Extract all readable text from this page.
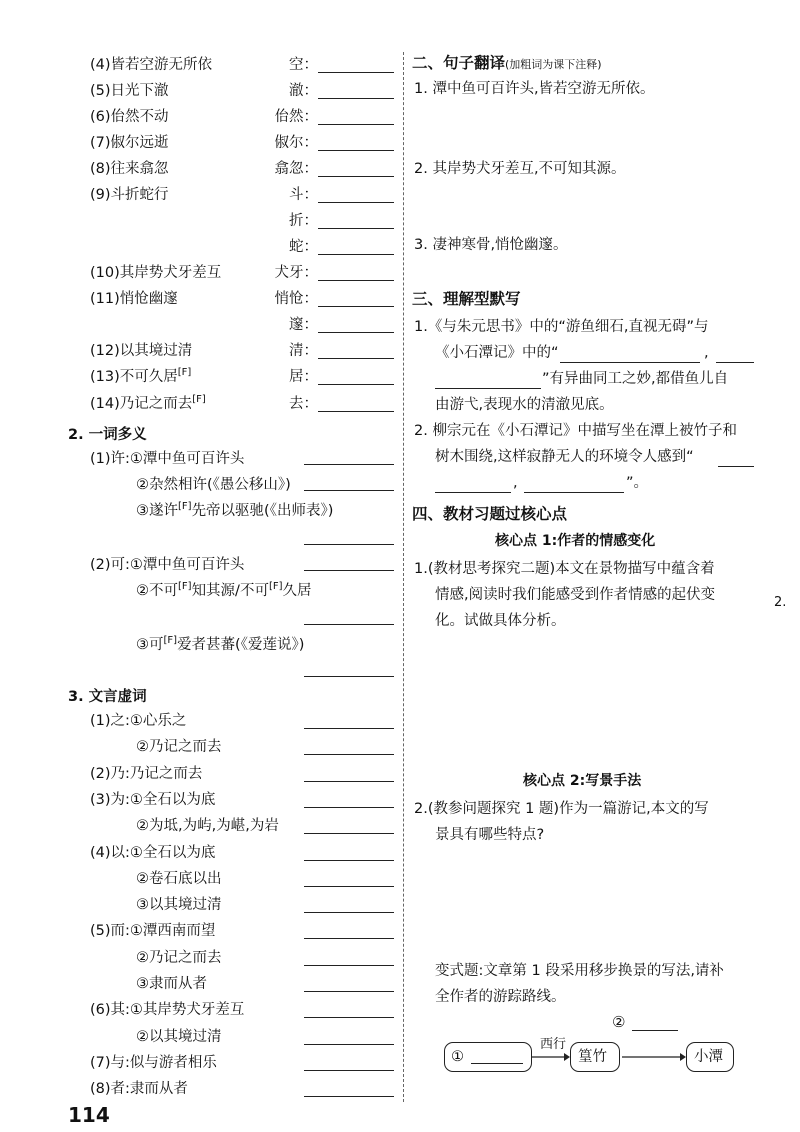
(4)皆若空游无所依	空：
(5)日光下澈	澈：
(6)佁然不动	佁然：
(7)俶尔远逝	俶尔：
(8)往来翕忽	翕忽：
(9)斗折蛇行	斗：
折：
蛇：
(10)其岸势犬牙差互	犬牙：
(11)悄怆幽邃	悄怆：
邃：
(12)以其境过清	清：
(13)不可久居[F]	居：
(14)乃记之而去[F]	去：
2. 一词多义
(1)许:①潭中鱼可百许头
②杂然相许(《愚公移山》)
③遂许[F]先帝以驱驰(《出师表》)
(2)可:①潭中鱼可百许头
②不可[F]知其源/不可[F]久居
③可[F]爱者甚蕃(《爱莲说》)
3. 文言虚词
(1)之:①心乐之
②乃记之而去
(2)乃:乃记之而去
(3)为:①全石以为底
②为坻,为屿,为嵁,为岩
(4)以:①全石以为底
②卷石底以出
③以其境过清
(5)而:①潭西南而望
②乃记之而去
③隶而从者
(6)其:①其岸势犬牙差互
②以其境过清
(7)与:似与游者相乐
(8)者:隶而从者
二、句子翻译(加粗词为课下注释)
1. 潭中鱼可百许头,皆若空游无所依。
2. 其岸势犬牙差互,不可知其源。
3. 凄神寒骨,悄怆幽邃。
三、理解型默写
1.《与朱元思书》中的“游鱼细石,直视无碍”与
《小石潭记》中的“	,
”有异曲同工之妙,都借鱼儿自
由游弋,表现水的清澈见底。
2. 柳宗元在《小石潭记》中描写坐在潭上被竹子和
树木围绕,这样寂静无人的环境令人感到“
,	”。
四、教材习题过核心点
核心点 1:作者的情感变化
1.(教材思考探究二题)本文在景物描写中蕴含着
情感,阅读时我们能感受到作者情感的起伏变
化。试做具体分析。
核心点 2:写景手法
2.(教参问题探究 1 题)作为一篇游记,本文的写
景具有哪些特点?
变式题:文章第 1 段采用移步换景的写法,请补
全作者的游踪路线。
①
西行
篁竹
②
小潭
2.
114
